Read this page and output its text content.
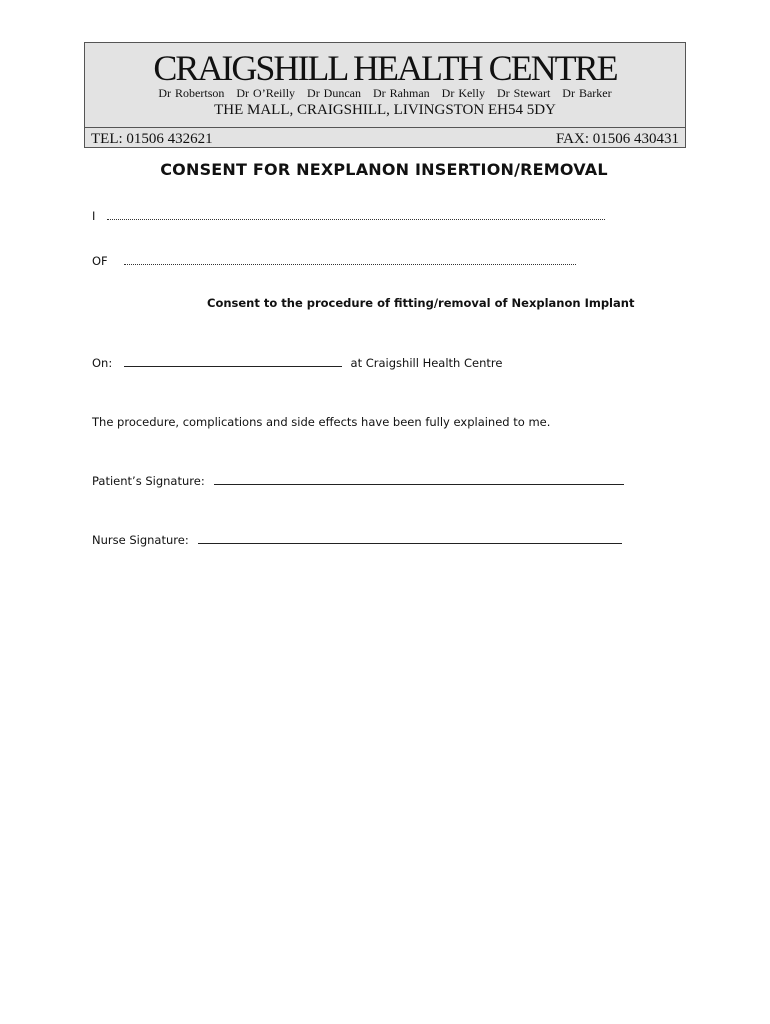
CRAIGSHILL HEALTH CENTRE
Dr Robertson   Dr O’Reilly   Dr Duncan   Dr Rahman   Dr Kelly   Dr Stewart   Dr Barker
THE MALL, CRAIGSHILL, LIVINGSTON EH54 5DY
TEL: 01506 432621	FAX: 01506 430431
CONSENT FOR NEXPLANON INSERTION/REMOVAL
I
OF
Consent to the procedure of fitting/removal of Nexplanon Implant
On:	at Craigshill Health Centre
The procedure, complications and side effects have been fully explained to me.
Patient’s Signature:
Nurse Signature:
